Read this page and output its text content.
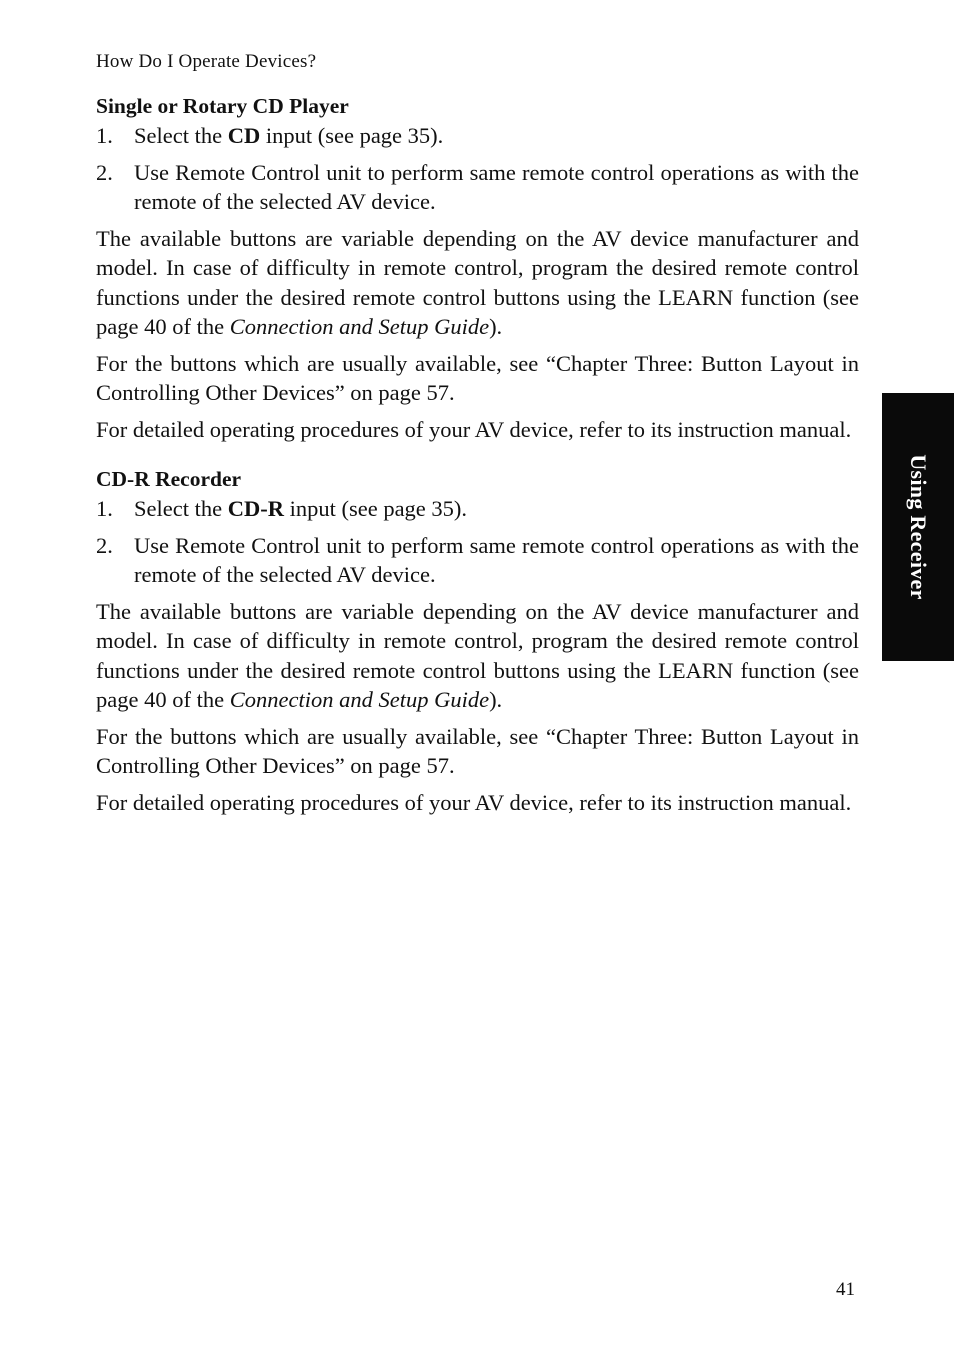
How Do I Operate Devices?

Single or Rotary CD Player

1. Select the CD input (see page 35).
2. Use Remote Control unit to perform same remote control operations as with the remote of the selected AV device.

The available buttons are variable depending on the AV device manufacturer and model. In case of difficulty in remote control, program the desired remote control functions under the desired remote control buttons using the LEARN function (see page 40 of the Connection and Setup Guide).

For the buttons which are usually available, see “Chapter Three: Button Layout in Controlling Other Devices” on page 57.

For detailed operating procedures of your AV device, refer to its instruction manual.

CD-R Recorder

1. Select the CD-R input (see page 35).
2. Use Remote Control unit to perform same remote control operations as with the remote of the selected AV device.

The available buttons are variable depending on the AV device manufacturer and model. In case of difficulty in remote control, program the desired remote control functions under the desired remote control buttons using the LEARN function (see page 40 of the Connection and Setup Guide).

For the buttons which are usually available, see “Chapter Three: Button Layout in Controlling Other Devices” on page 57.

For detailed operating procedures of your AV device, refer to its instruction manual.

Using Receiver
41
